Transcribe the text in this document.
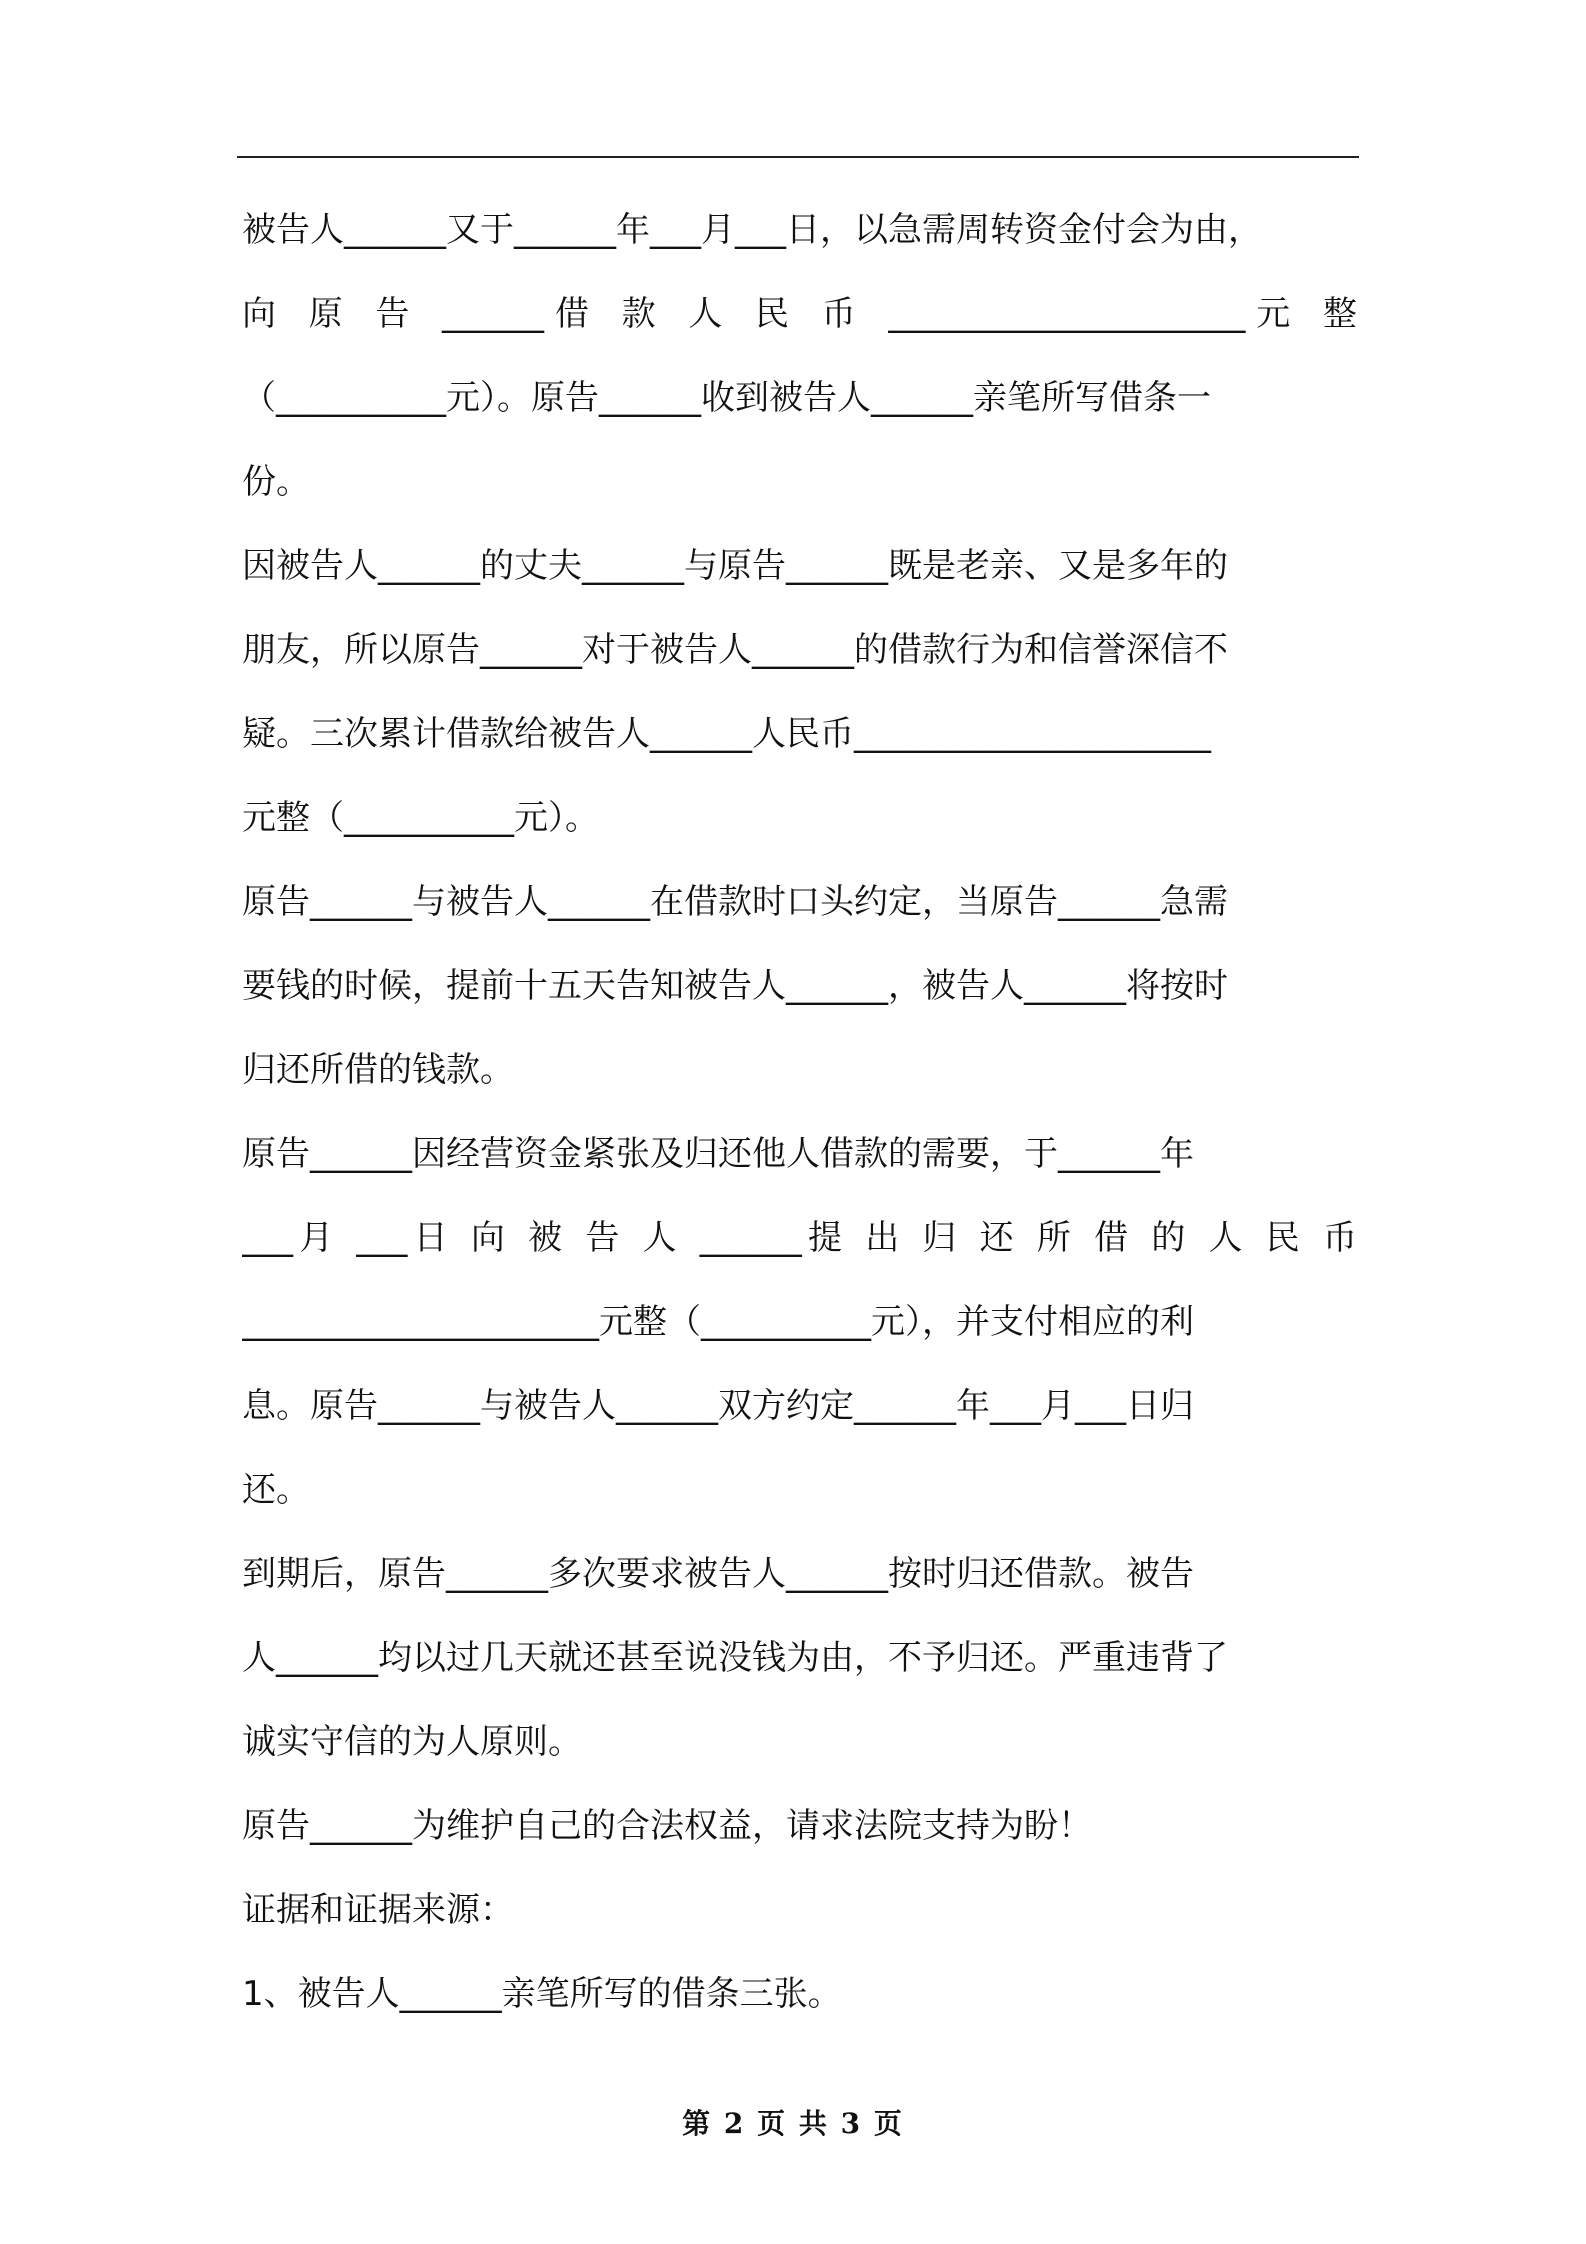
被告人______又于______年___月___日，以急需周转资金付会为由，
向 原 告 ______借 款 人 民 币 _____________________元 整
（__________元）。原告______收到被告人______亲笔所写借条一
份。
因被告人______的丈夫______与原告______既是老亲、又是多年的
朋友，所以原告______对于被告人______的借款行为和信誉深信不
疑。三次累计借款给被告人______人民币_____________________
元整（__________元）。
原告______与被告人______在借款时口头约定，当原告______急需
要钱的时候，提前十五天告知被告人______，被告人______将按时
归还所借的钱款。
原告______因经营资金紧张及归还他人借款的需要，于______年
___月 ___日 向 被 告 人 ______提 出 归 还 所 借 的 人 民 币
_____________________元整（__________元），并支付相应的利
息。原告______与被告人______双方约定______年___月___日归
还。
到期后，原告______多次要求被告人______按时归还借款。被告
人______均以过几天就还甚至说没钱为由，不予归还。严重违背了
诚实守信的为人原则。
原告______为维护自己的合法权益，请求法院支持为盼！
证据和证据来源：
1、被告人______亲笔所写的借条三张。
第 2 页 共 3 页
